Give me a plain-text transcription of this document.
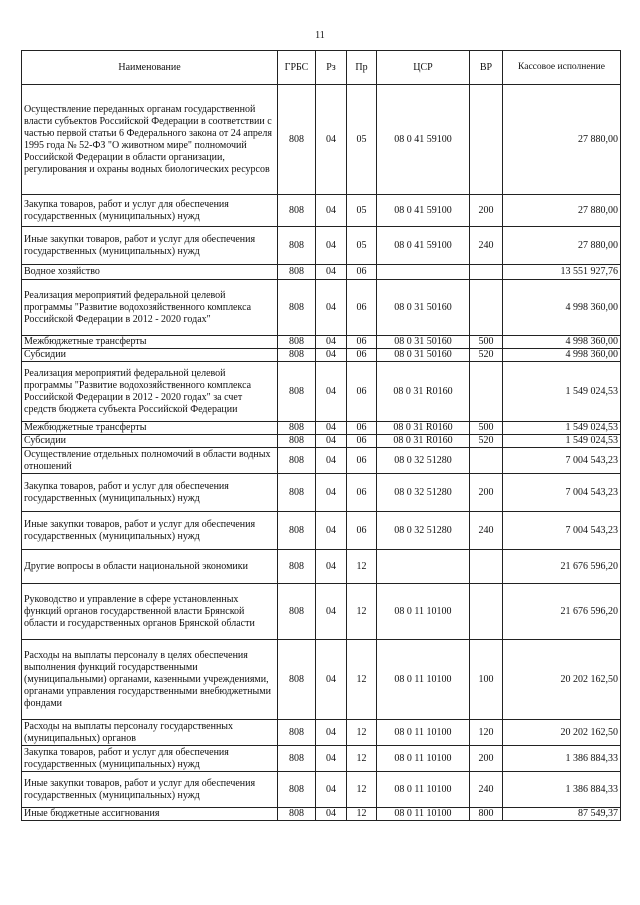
11
Наименование	ГРБС	Рз	Пр	ЦСР	ВР	Кассовое исполнение
Осуществление переданных органам государственной власти субъектов Российской Федерации в соответствии с частью первой статьи 6 Федерального закона от 24 апреля 1995 года № 52-ФЗ "О животном мире" полномочий Российской Федерации в области организации, регулирования и охраны водных биологических ресурсов	808	04	05	08 0 41 59100		27 880,00
Закупка товаров, работ и услуг для обеспечения государственных (муниципальных) нужд	808	04	05	08 0 41 59100	200	27 880,00
Иные закупки товаров, работ и услуг для обеспечения государственных (муниципальных) нужд	808	04	05	08 0 41 59100	240	27 880,00
Водное хозяйство	808	04	06			13 551 927,76
Реализация мероприятий федеральной целевой программы "Развитие водохозяйственного комплекса Российской Федерации в 2012 - 2020 годах"	808	04	06	08 0 31 50160		4 998 360,00
Межбюджетные трансферты	808	04	06	08 0 31 50160	500	4 998 360,00
Субсидии	808	04	06	08 0 31 50160	520	4 998 360,00
Реализация мероприятий федеральной целевой программы "Развитие водохозяйственного комплекса Российской Федерации в 2012 - 2020 годах" за счет средств бюджета субъекта Российской Федерации	808	04	06	08 0 31 R0160		1 549 024,53
Межбюджетные трансферты	808	04	06	08 0 31 R0160	500	1 549 024,53
Субсидии	808	04	06	08 0 31 R0160	520	1 549 024,53
Осуществление отдельных полномочий в области водных отношений	808	04	06	08 0 32 51280		7 004 543,23
Закупка товаров, работ и услуг для обеспечения государственных (муниципальных) нужд	808	04	06	08 0 32 51280	200	7 004 543,23
Иные закупки товаров, работ и услуг для обеспечения государственных (муниципальных) нужд	808	04	06	08 0 32 51280	240	7 004 543,23
Другие вопросы в области национальной экономики	808	04	12			21 676 596,20
Руководство и управление в сфере установленных функций органов государственной власти Брянской области и государственных органов Брянской области	808	04	12	08 0 11 10100		21 676 596,20
Расходы на выплаты персоналу в целях обеспечения выполнения функций государственными (муниципальными) органами, казенными учреждениями, органами управления государственными внебюджетными фондами	808	04	12	08 0 11 10100	100	20 202 162,50
Расходы на выплаты персоналу государственных (муниципальных) органов	808	04	12	08 0 11 10100	120	20 202 162,50
Закупка товаров, работ и услуг для обеспечения государственных (муниципальных) нужд	808	04	12	08 0 11 10100	200	1 386 884,33
Иные закупки товаров, работ и услуг для обеспечения государственных (муниципальных) нужд	808	04	12	08 0 11 10100	240	1 386 884,33
Иные бюджетные ассигнования	808	04	12	08 0 11 10100	800	87 549,37
